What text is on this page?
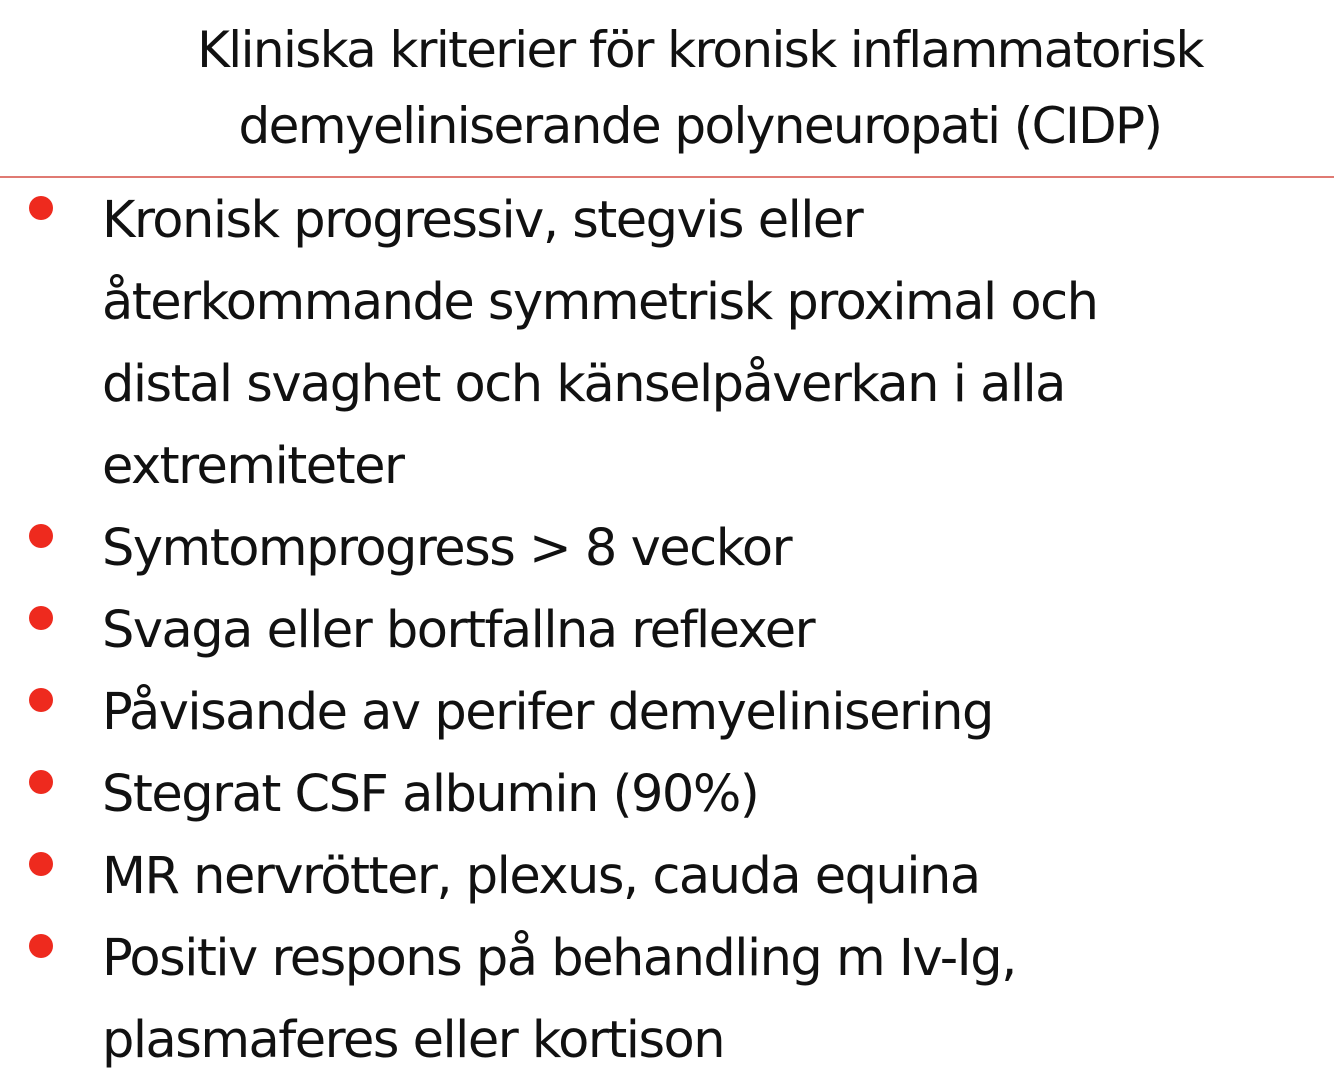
Kliniska kriterier för kronisk inflammatorisk
demyeliniserande polyneuropati (CIDP)
Kronisk progressiv, stegvis eller
återkommande symmetrisk proximal och
distal svaghet och känselpåverkan i alla
extremiteter
Symtomprogress > 8 veckor
Svaga eller bortfallna reflexer
Påvisande av perifer demyelinisering
Stegrat CSF albumin (90%)
MR nervrötter, plexus, cauda equina
Positiv respons på behandling m Iv-Ig,
plasmaferes eller kortison
